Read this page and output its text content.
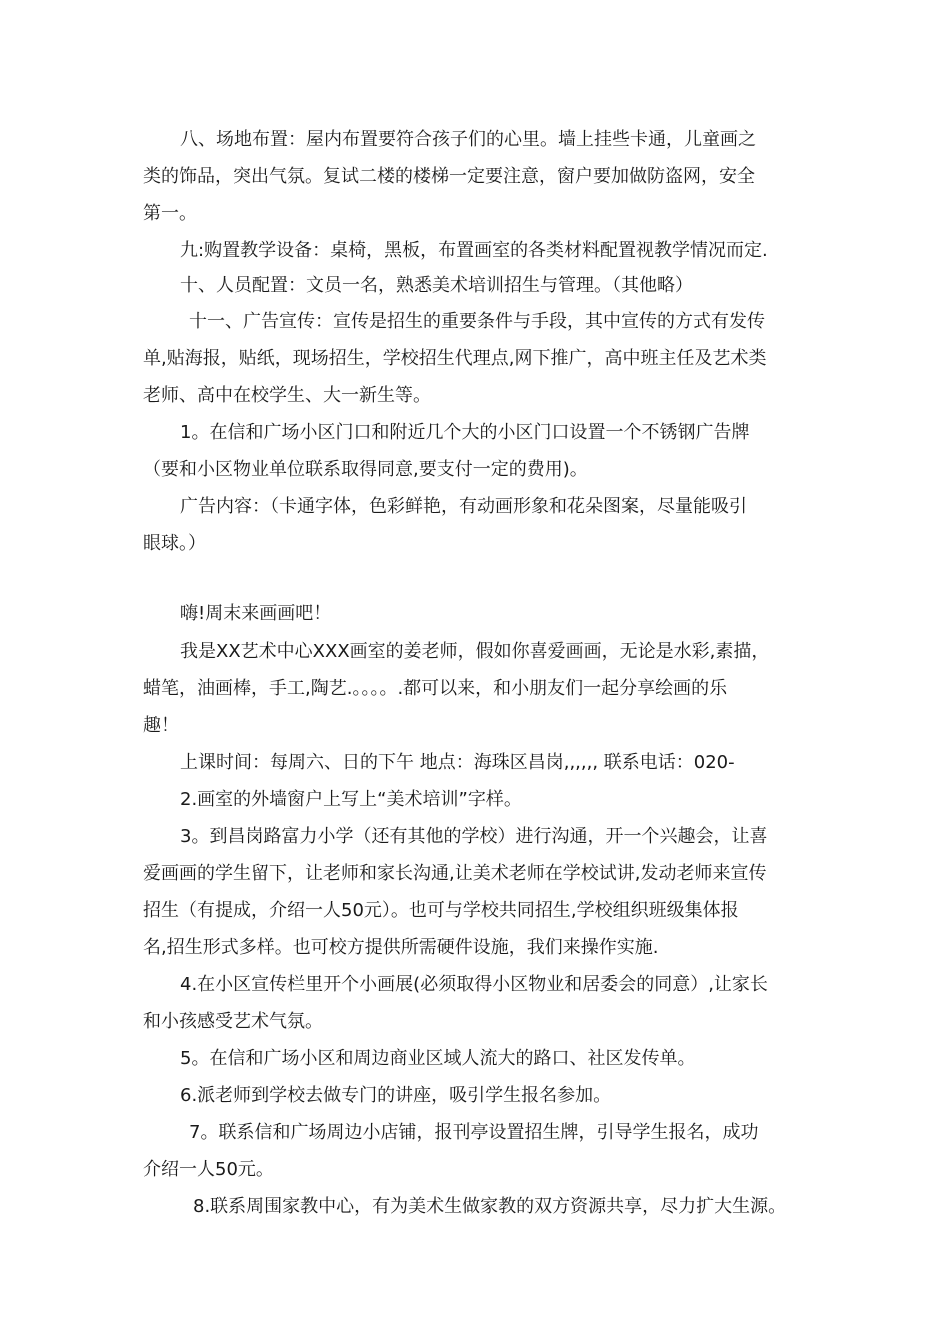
八、场地布置：屋内布置要符合孩子们的心里。墙上挂些卡通，儿童画之
类的饰品，突出气氛。复试二楼的楼梯一定要注意，窗户要加做防盗网，安全
第一。
九:购置教学设备：桌椅，黑板，布置画室的各类材料配置视教学情况而定.
十、人员配置：文员一名，熟悉美术培训招生与管理。（其他略）
十一、广告宣传：宣传是招生的重要条件与手段，其中宣传的方式有发传
单,贴海报，贴纸，现场招生，学校招生代理点,网下推广，高中班主任及艺术类
老师、高中在校学生、大一新生等。
1。在信和广场小区门口和附近几个大的小区门口设置一个不锈钢广告牌
（要和小区物业单位联系取得同意,要支付一定的费用)。
广告内容：（卡通字体，色彩鲜艳，有动画形象和花朵图案，尽量能吸引
眼球。）
嗨!周末来画画吧！
我是XX艺术中心XXX画室的姜老师，假如你喜爱画画，无论是水彩,素描，
蜡笔，油画棒，手工,陶艺.。。。。.都可以来，和小朋友们一起分享绘画的乐
趣！
上课时间：每周六、日的下午 地点：海珠区昌岗,,,,,, 联系电话：020-
2.画室的外墙窗户上写上“美术培训”字样。
3。到昌岗路富力小学（还有其他的学校）进行沟通，开一个兴趣会，让喜
爱画画的学生留下，让老师和家长沟通,让美术老师在学校试讲,发动老师来宣传
招生（有提成，介绍一人50元）。也可与学校共同招生,学校组织班级集体报
名,招生形式多样。也可校方提供所需硬件设施，我们来操作实施.
4.在小区宣传栏里开个小画展(必须取得小区物业和居委会的同意）,让家长
和小孩感受艺术气氛。
5。在信和广场小区和周边商业区域人流大的路口、社区发传单。
6.派老师到学校去做专门的讲座，吸引学生报名参加。
7。联系信和广场周边小店铺，报刊亭设置招生牌，引导学生报名，成功
介绍一人50元。
8.联系周围家教中心，有为美术生做家教的双方资源共享，尽力扩大生源。
